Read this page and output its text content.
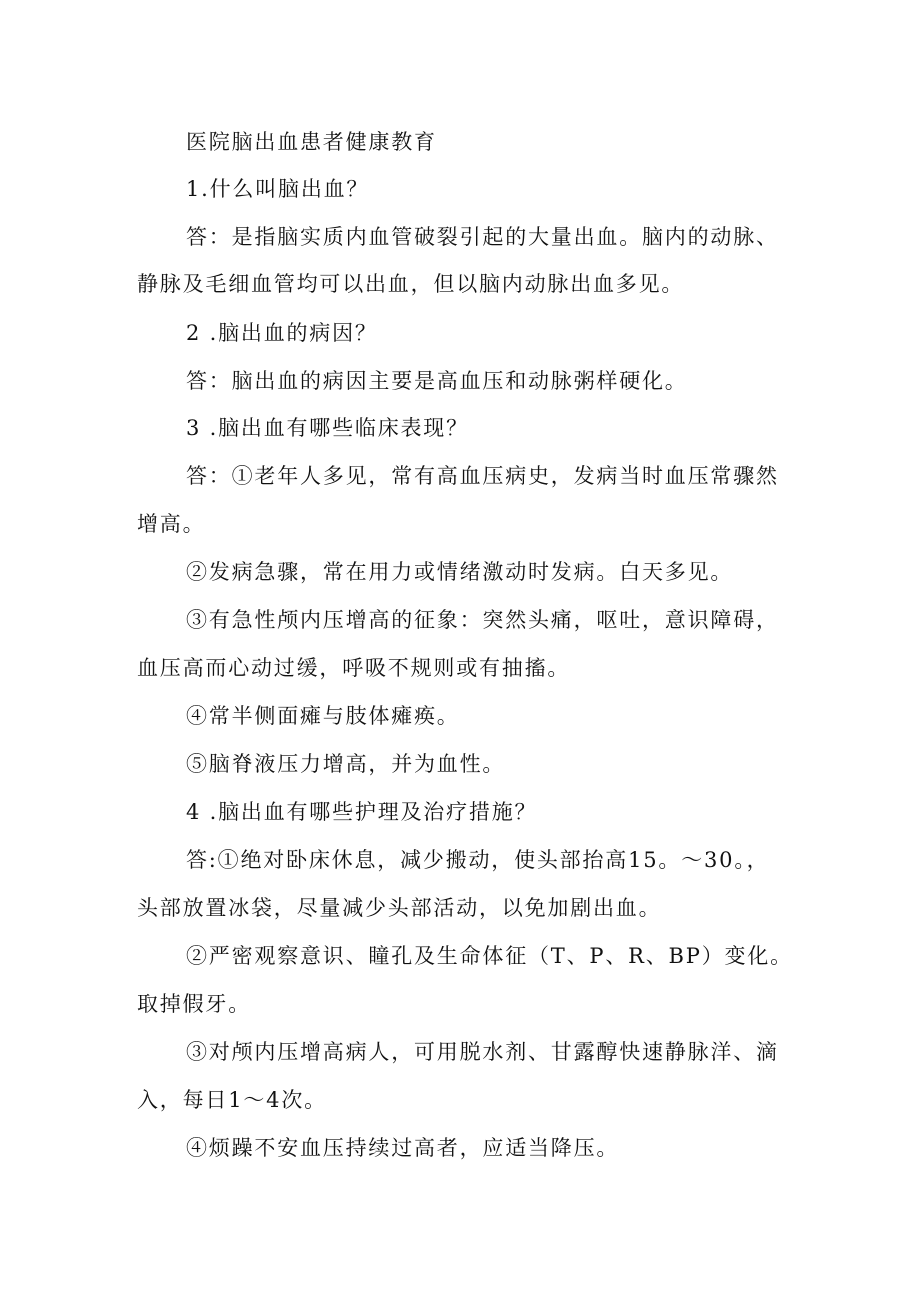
医院脑出血患者健康教育
1.什么叫脑出血？
答：是指脑实质内血管破裂引起的大量出血。脑内的动脉、
静脉及毛细血管均可以出血，但以脑内动脉出血多见。
2 .脑出血的病因？
答：脑出血的病因主要是高血压和动脉粥样硬化。
3 .脑出血有哪些临床表现？
答：①老年人多见，常有高血压病史，发病当时血压常骤然
增高。
②发病急骤，常在用力或情绪激动时发病。白天多见。
③有急性颅内压增高的征象：突然头痛，呕吐，意识障碍，
血压高而心动过缓，呼吸不规则或有抽搐。
④常半侧面瘫与肢体瘫痪。
⑤脑脊液压力增高，并为血性。
4 .脑出血有哪些护理及治疗措施？
答:①绝对卧床休息，减少搬动，使头部抬高15。～30。，
头部放置冰袋，尽量减少头部活动，以免加剧出血。
②严密观察意识、瞳孔及生命体征（T、P、R、BP）变化。
取掉假牙。
③对颅内压增高病人，可用脱水剂、甘露醇快速静脉洋、滴
入，每日1～4次。
④烦躁不安血压持续过高者，应适当降压。
